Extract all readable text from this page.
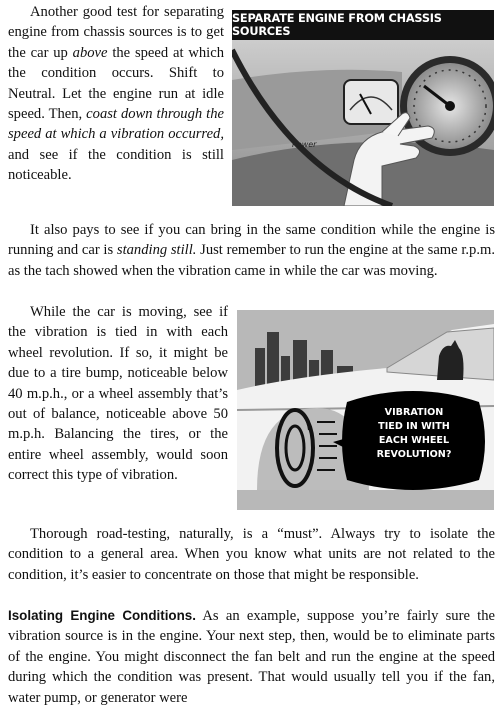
Another good test for separating engine from chassis sources is to get the car up above the speed at which the condition occurs. Shift to Neutral. Let the engine run at idle speed. Then, coast down through the speed at which a vibration occurred, and see if the condition is still noticeable.

SEPARATE ENGINE FROM CHASSIS SOURCES
Power

It also pays to see if you can bring in the same condition while the engine is running and car is standing still. Just remember to run the engine at the same r.p.m. as the tach showed when the vibration came in while the car was moving.

While the car is moving, see if the vibration is tied in with each wheel revolution. If so, it might be due to a tire bump, noticeable below 40 m.p.h., or a wheel assembly that’s out of balance, noticeable above 50 m.p.h. Balancing the tires, or the entire wheel assembly, would soon correct this type of vibration.

VIBRATION
TIED IN WITH
EACH WHEEL
REVOLUTION?

Thorough road-testing, naturally, is a “must”. Always try to isolate the condition to a general area. When you know what units are not related to the condition, it’s easier to concentrate on those that might be responsible.

Isolating Engine Conditions. As an example, suppose you’re fairly sure the vibration source is in the engine. Your next step, then, would be to eliminate parts of the engine. You might disconnect the fan belt and run the engine at the speed during which the condition was present. That would usually tell you if the fan, water pump, or generator were
